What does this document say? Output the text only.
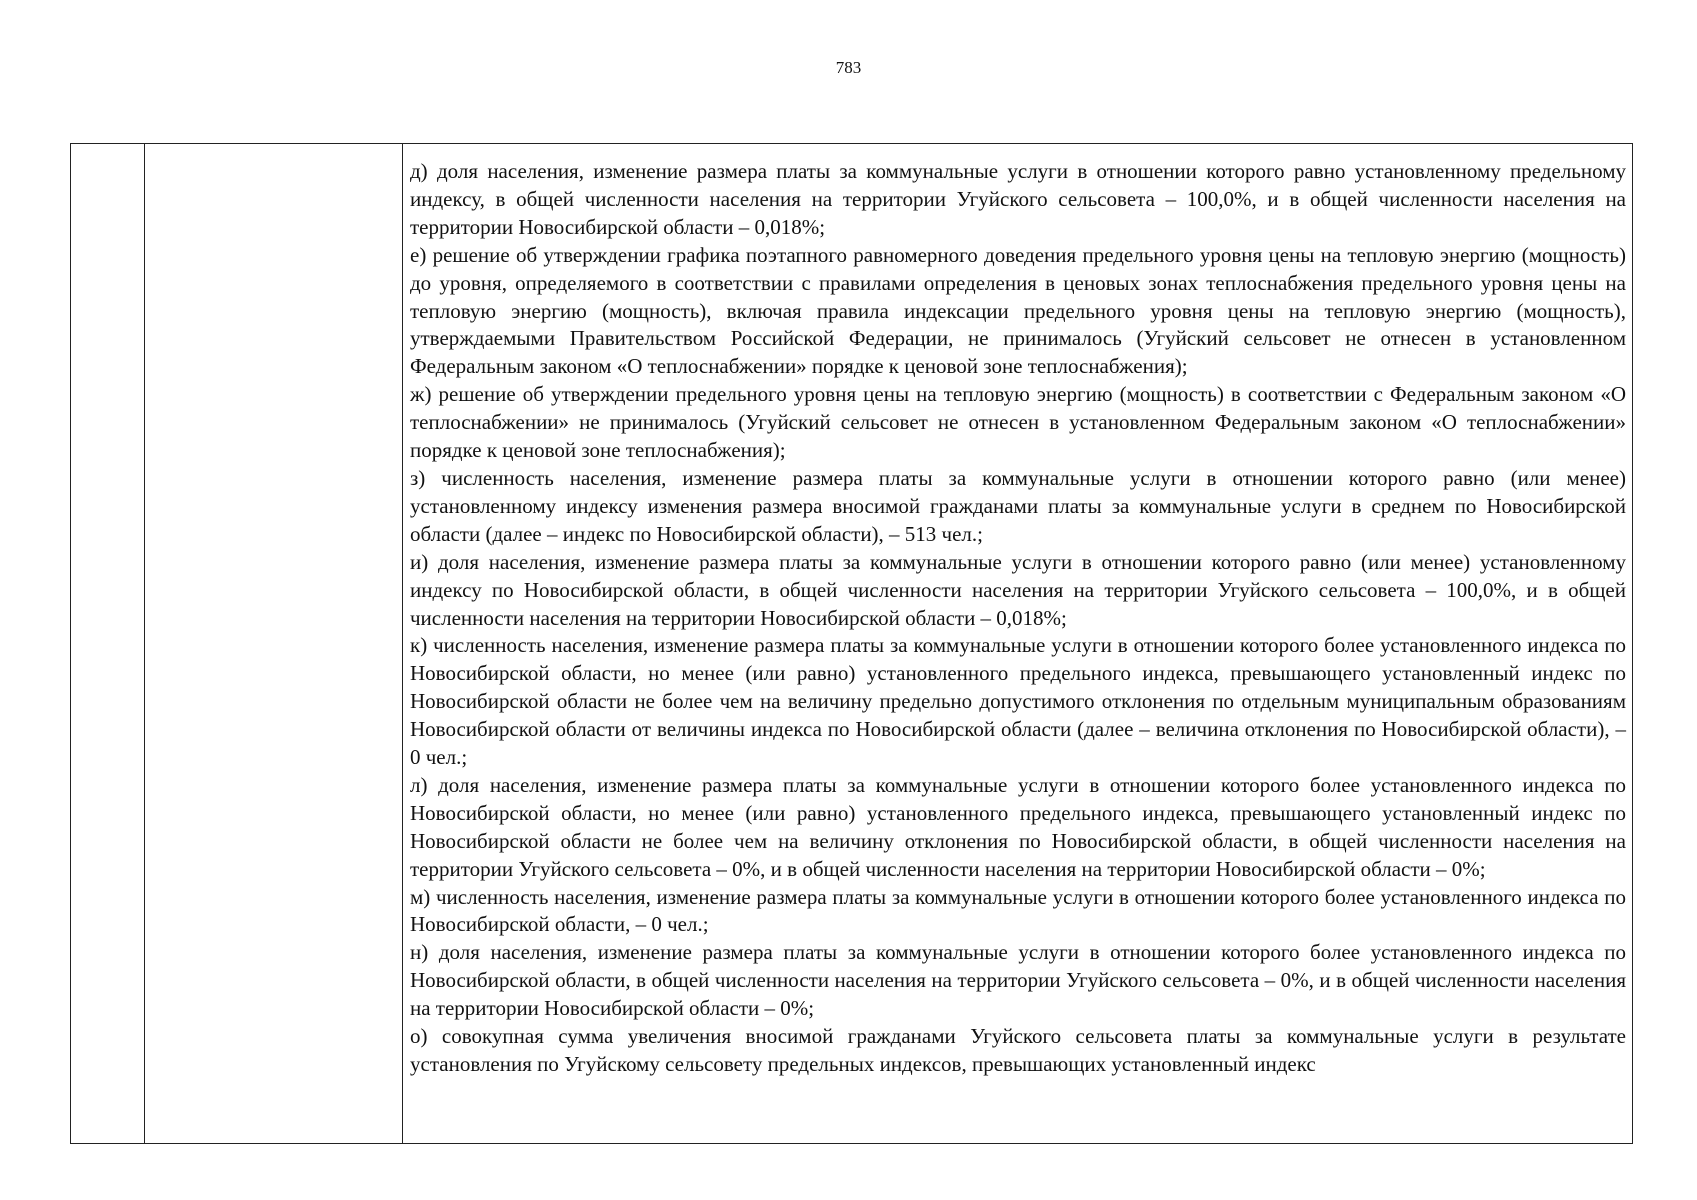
783

д) доля населения, изменение размера платы за коммунальные услуги в отношении которого равно установленному предельному индексу, в общей численности населения на территории Угуйского сельсовета – 100,0%, и в общей численности населения на территории Новосибирской области – 0,018%;

е) решение об утверждении графика поэтапного равномерного доведения предельного уровня цены на тепловую энергию (мощность) до уровня, определяемого в соответствии с правилами определения в ценовых зонах теплоснабжения предельного уровня цены на тепловую энергию (мощность), включая правила индексации предельного уровня цены на тепловую энергию (мощность), утверждаемыми Правительством Российской Федерации, не принималось (Угуйский сельсовет не отнесен в установленном Федеральным законом «О теплоснабжении» порядке к ценовой зоне теплоснабжения);

ж) решение об утверждении предельного уровня цены на тепловую энергию (мощность) в соответствии с Федеральным законом «О теплоснабжении» не принималось (Угуйский сельсовет не отнесен в установленном Федеральным законом «О теплоснабжении» порядке к ценовой зоне теплоснабжения);

з) численность населения, изменение размера платы за коммунальные услуги в отношении которого равно (или менее) установленному индексу изменения размера вносимой гражданами платы за коммунальные услуги в среднем по Новосибирской области (далее – индекс по Новосибирской области), – 513 чел.;

и) доля населения, изменение размера платы за коммунальные услуги в отношении которого равно (или менее) установленному индексу по Новосибирской области, в общей численности населения на территории Угуйского сельсовета – 100,0%, и в общей численности населения на территории Новосибирской области – 0,018%;

к) численность населения, изменение размера платы за коммунальные услуги в отношении которого более установленного индекса по Новосибирской области, но менее (или равно) установленного предельного индекса, превышающего установленный индекс по Новосибирской области не более чем на величину предельно допустимого отклонения по отдельным муниципальным образованиям Новосибирской области от величины индекса по Новосибирской области (далее – величина отклонения по Новосибирской области), – 0 чел.;

л) доля населения, изменение размера платы за коммунальные услуги в отношении которого более установленного индекса по Новосибирской области, но менее (или равно) установленного предельного индекса, превышающего установленный индекс по Новосибирской области не более чем на величину отклонения по Новосибирской области, в общей численности населения на территории Угуйского сельсовета – 0%, и в общей численности населения на территории Новосибирской области – 0%;

м) численность населения, изменение размера платы за коммунальные услуги в отношении которого более установленного индекса по Новосибирской области, – 0 чел.;

н) доля населения, изменение размера платы за коммунальные услуги в отношении которого более установленного индекса по Новосибирской области, в общей численности населения на территории Угуйского сельсовета – 0%, и в общей численности населения на территории Новосибирской области – 0%;

о) совокупная сумма увеличения вносимой гражданами Угуйского сельсовета платы за коммунальные услуги в результате установления по Угуйскому сельсовету предельных индексов, превышающих установленный индекс
